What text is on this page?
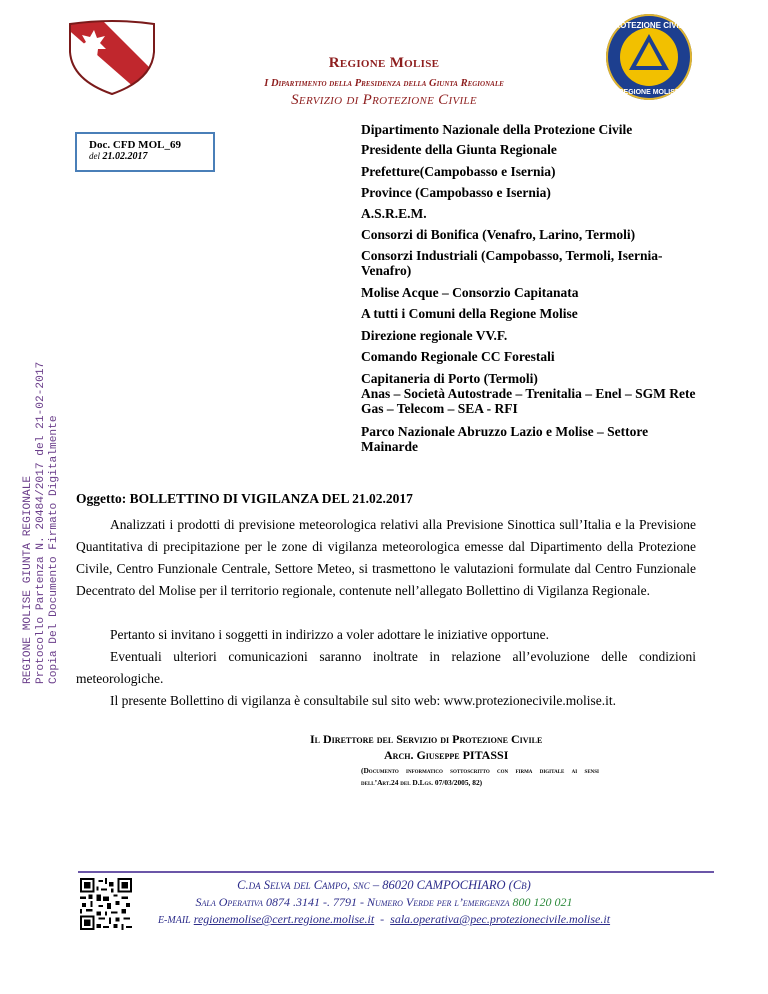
REGIONE MOLISE GIUNTA REGIONALE
Protocollo Partenza N. 20484/2017 del 21-02-2017
Copia Del Documento Firmato Digitalmente
PROTEZIONE CIVILE
REGIONE MOLISE
Regione Molise
I Dipartimento della Presidenza della Giunta Regionale
Servizio di Protezione Civile
Doc. CFD MOL_69
del 21.02.2017
Dipartimento Nazionale della Protezione Civile
Presidente della Giunta Regionale
Prefetture(Campobasso e Isernia)
Province (Campobasso e Isernia)
A.S.R.E.M.
Consorzi di Bonifica (Venafro, Larino, Termoli)
Consorzi Industriali (Campobasso, Termoli, Isernia-Venafro)
Molise Acque – Consorzio Capitanata
A tutti i Comuni della Regione Molise
Direzione regionale VV.F.
Comando Regionale CC Forestali
Capitaneria di Porto (Termoli)
Anas – Società Autostrade – Trenitalia – Enel – SGM Rete Gas – Telecom – SEA - RFI
Parco Nazionale Abruzzo Lazio e Molise – Settore Mainarde
Oggetto: BOLLETTINO DI VIGILANZA DEL 21.02.2017
Analizzati i prodotti di previsione meteorologica relativi alla Previsione Sinottica sull’Italia e la Previsione Quantitativa di precipitazione per le zone di vigilanza meteorologica emesse dal Dipartimento della Protezione Civile, Centro Funzionale Centrale, Settore Meteo, si trasmettono le valutazioni formulate dal Centro Funzionale Decentrato del Molise per il territorio regionale, contenute nell’allegato Bollettino di Vigilanza Regionale.
Pertanto si invitano i soggetti in indirizzo a voler adottare le iniziative opportune.
Eventuali ulteriori comunicazioni saranno inoltrate in relazione all’evoluzione delle condizioni meteorologiche.
Il presente Bollettino di vigilanza è consultabile sul sito web: www.protezionecivile.molise.it.
Il Direttore del Servizio di Protezione Civile
Arch. Giuseppe PITASSI
(Documento informatico sottoscritto con firma digitale ai sensi dell’Art.24 del D.Lgs. 07/03/2005, 82)
C.da Selva del Campo, snc – 86020 CAMPOCHIARO (Cb)
Sala Operativa 0874 .3141 -. 7791 - Numero Verde per l’emergenza 800 120 021
E-MAIL regionemolise@cert.regione.molise.it - sala.operativa@pec.protezionecivile.molise.it
